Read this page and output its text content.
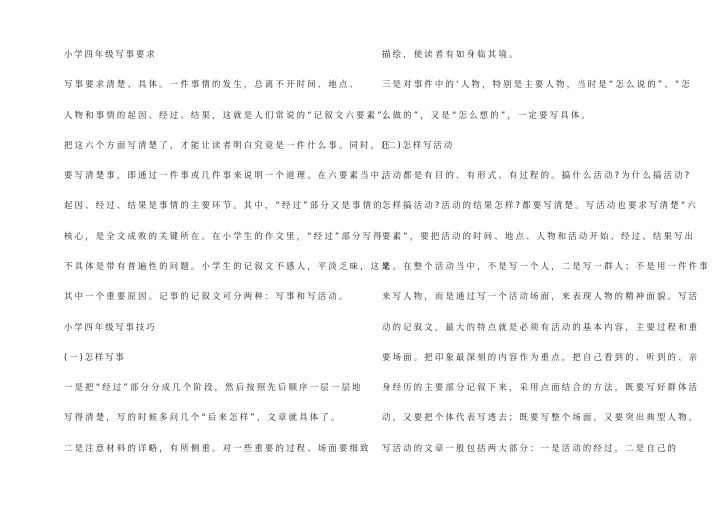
小学四年级写事要求
写事要求清楚、具体。一件事情的发生，总离不开时间、地点、
人物和事情的起因、经过、结果，这就是人们常说的“记叙文六要素”。
把这六个方面写清楚了，才能让读者明白究竟是一件什么事。同时，还
要写清楚事，即通过一件事或几件事来说明一个道理。在六要素当中，
起因、经过、结果是事情的主要环节。其中，“经过”部分又是事情的
核心，是全文成败的关键所在。在小学生的作文里，“经过”部分写得
不具体是带有普遍性的问题。小学生的记叙文不感人，平淡乏味，这是
其中一个重要原因。记事的记叙文可分两种：写事和写活动。
小学四年级写事技巧
(一)怎样写事
一是把“经过”部分分成几个阶段，然后按照先后顺序一层一层地
写得清楚，写的时候多问几个“后来怎样”，文章就具体了。
二是注意材料的详略，有所侧重。对一些重要的过程、场面要细致
描绘，使读者有如身临其境。
三是对事件中的‘人物，特别是主要人物，当时是“怎么说的”、“怎
么做的”，又是“怎么想的”，一定要写具体。
(二)怎样写活动
活动都是有目的、有形式、有过程的。搞什么活动?为什么搞活动?
怎样搞活动?活动的结果怎样?都要写清楚。写活动也要求写清楚“六
要素”，要把活动的时间、地点、人物和活动开始、经过、结果写出
来。在整个活动当中，不是写一个人，二是写一群人；不是用一件件事
来写人物，而是通过写一个活动场面，来表现人物的精神面貌。写活
动的记叙文，最大的特点就是必须有活动的基本内容，主要过程和重
要场面。把印象最深刻的内容作为重点，把自己看到的、听到的、亲
身经历的主要部分记叙下来，采用点面结合的方法，既要写好群体活
动，又要把个体代表写透去；既要写整个场面，又要突出典型人物。
写活动的文章一般包括两大部分：一是活动的经过，二是自己的
